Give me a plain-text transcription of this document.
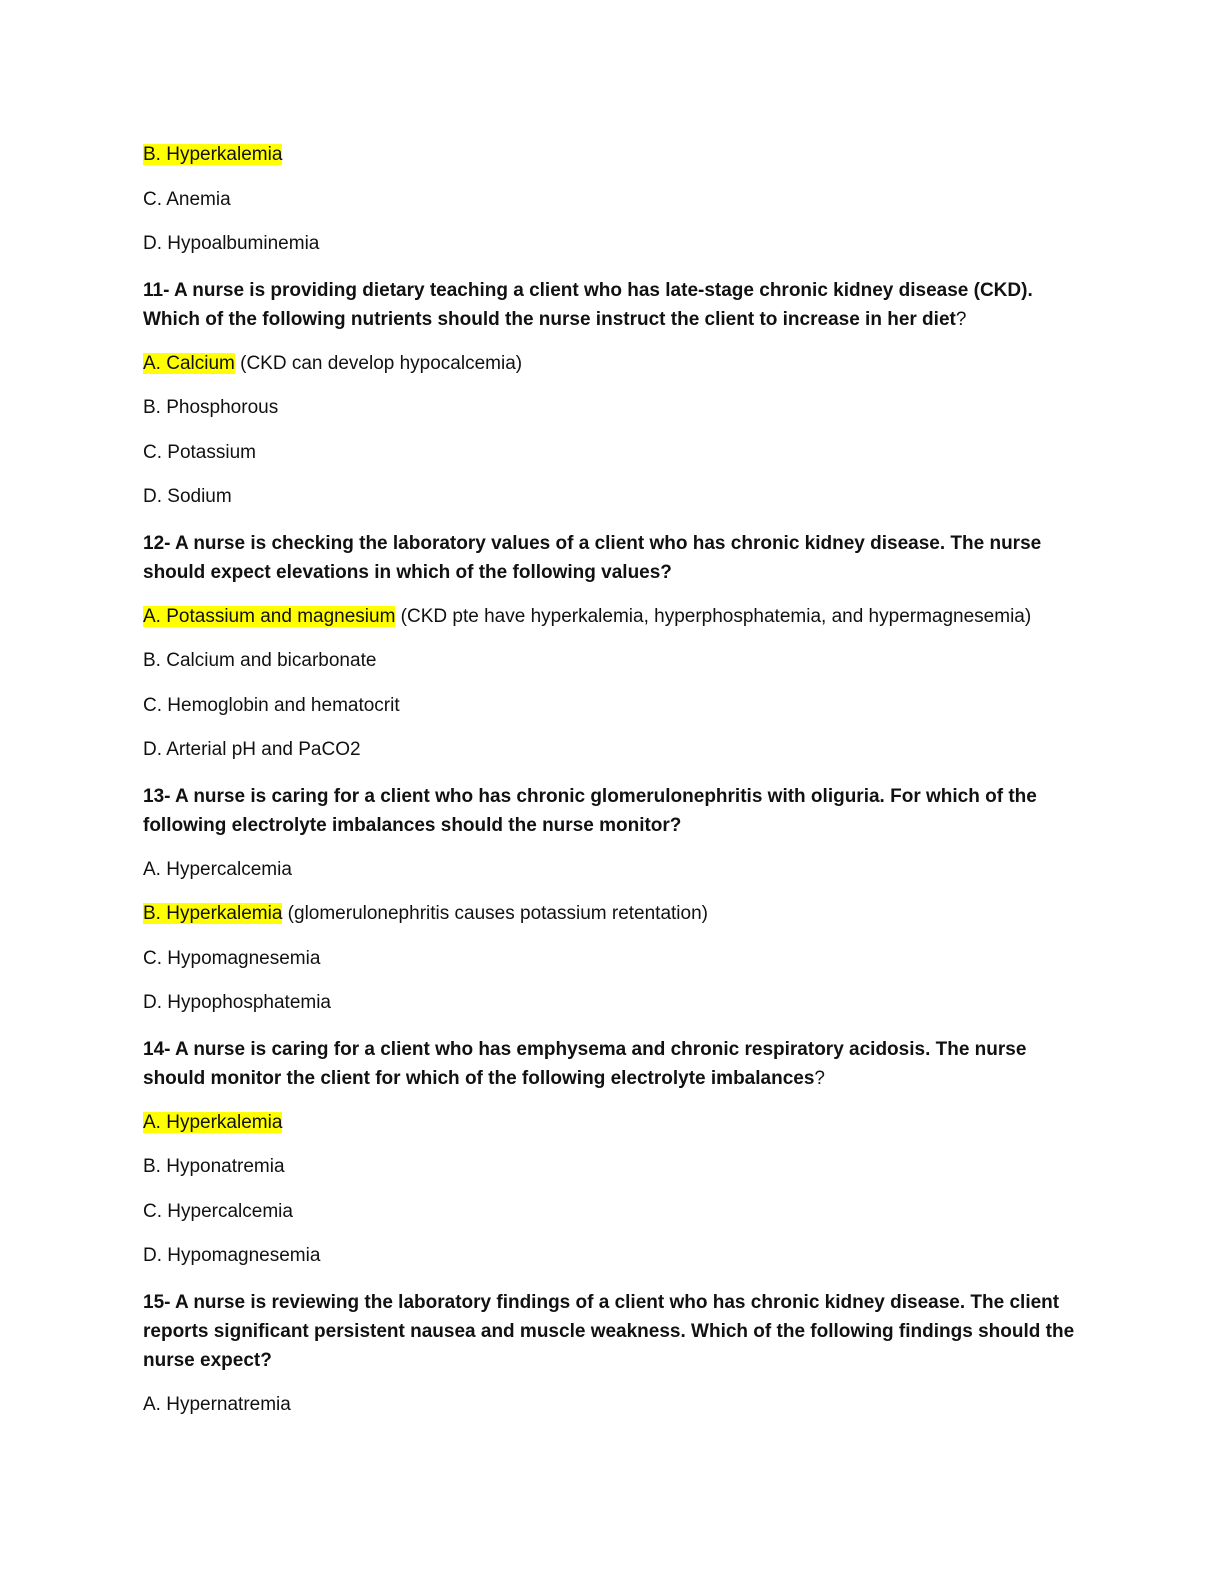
B. Hyperkalemia

C. Anemia

D. Hypoalbuminemia

11- A nurse is providing dietary teaching a client who has late-stage chronic kidney disease (CKD). Which of the following nutrients should the nurse instruct the client to increase in her diet?

A. Calcium (CKD can develop hypocalcemia)

B. Phosphorous

C. Potassium

D. Sodium

12- A nurse is checking the laboratory values of a client who has chronic kidney disease. The nurse should expect elevations in which of the following values?

A. Potassium and magnesium (CKD pte have hyperkalemia, hyperphosphatemia, and hypermagnesemia)

B. Calcium and bicarbonate

C. Hemoglobin and hematocrit

D. Arterial pH and PaCO2

13- A nurse is caring for a client who has chronic glomerulonephritis with oliguria. For which of the following electrolyte imbalances should the nurse monitor?

A. Hypercalcemia

B. Hyperkalemia (glomerulonephritis causes potassium retentation)

C. Hypomagnesemia

D. Hypophosphatemia

14- A nurse is caring for a client who has emphysema and chronic respiratory acidosis. The nurse should monitor the client for which of the following electrolyte imbalances?

A. Hyperkalemia

B. Hyponatremia

C. Hypercalcemia

D. Hypomagnesemia

15- A nurse is reviewing the laboratory findings of a client who has chronic kidney disease. The client reports significant persistent nausea and muscle weakness. Which of the following findings should the nurse expect?

A. Hypernatremia
